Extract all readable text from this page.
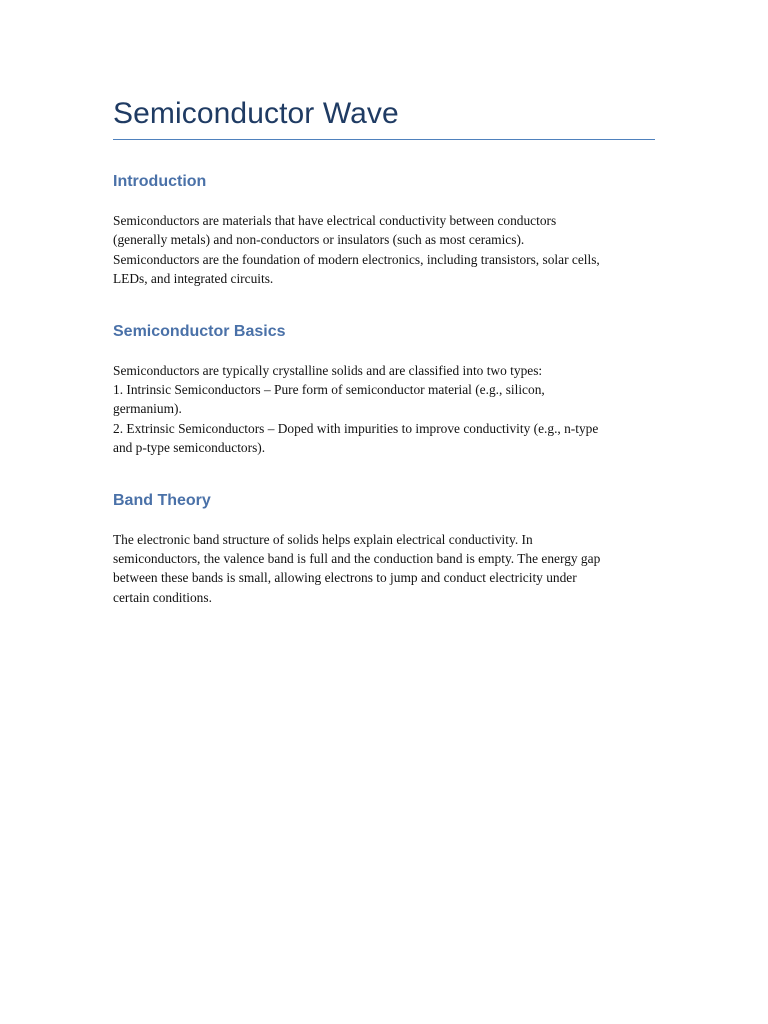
Semiconductor Wave
Introduction

Semiconductors are materials that have electrical conductivity between conductors
(generally metals) and non-conductors or insulators (such as most ceramics).
Semiconductors are the foundation of modern electronics, including transistors, solar cells,
LEDs, and integrated circuits.

Semiconductor Basics

Semiconductors are typically crystalline solids and are classified into two types:
1. Intrinsic Semiconductors – Pure form of semiconductor material (e.g., silicon,
germanium).
2. Extrinsic Semiconductors – Doped with impurities to improve conductivity (e.g., n-type
and p-type semiconductors).

Band Theory

The electronic band structure of solids helps explain electrical conductivity. In
semiconductors, the valence band is full and the conduction band is empty. The energy gap
between these bands is small, allowing electrons to jump and conduct electricity under
certain conditions.
